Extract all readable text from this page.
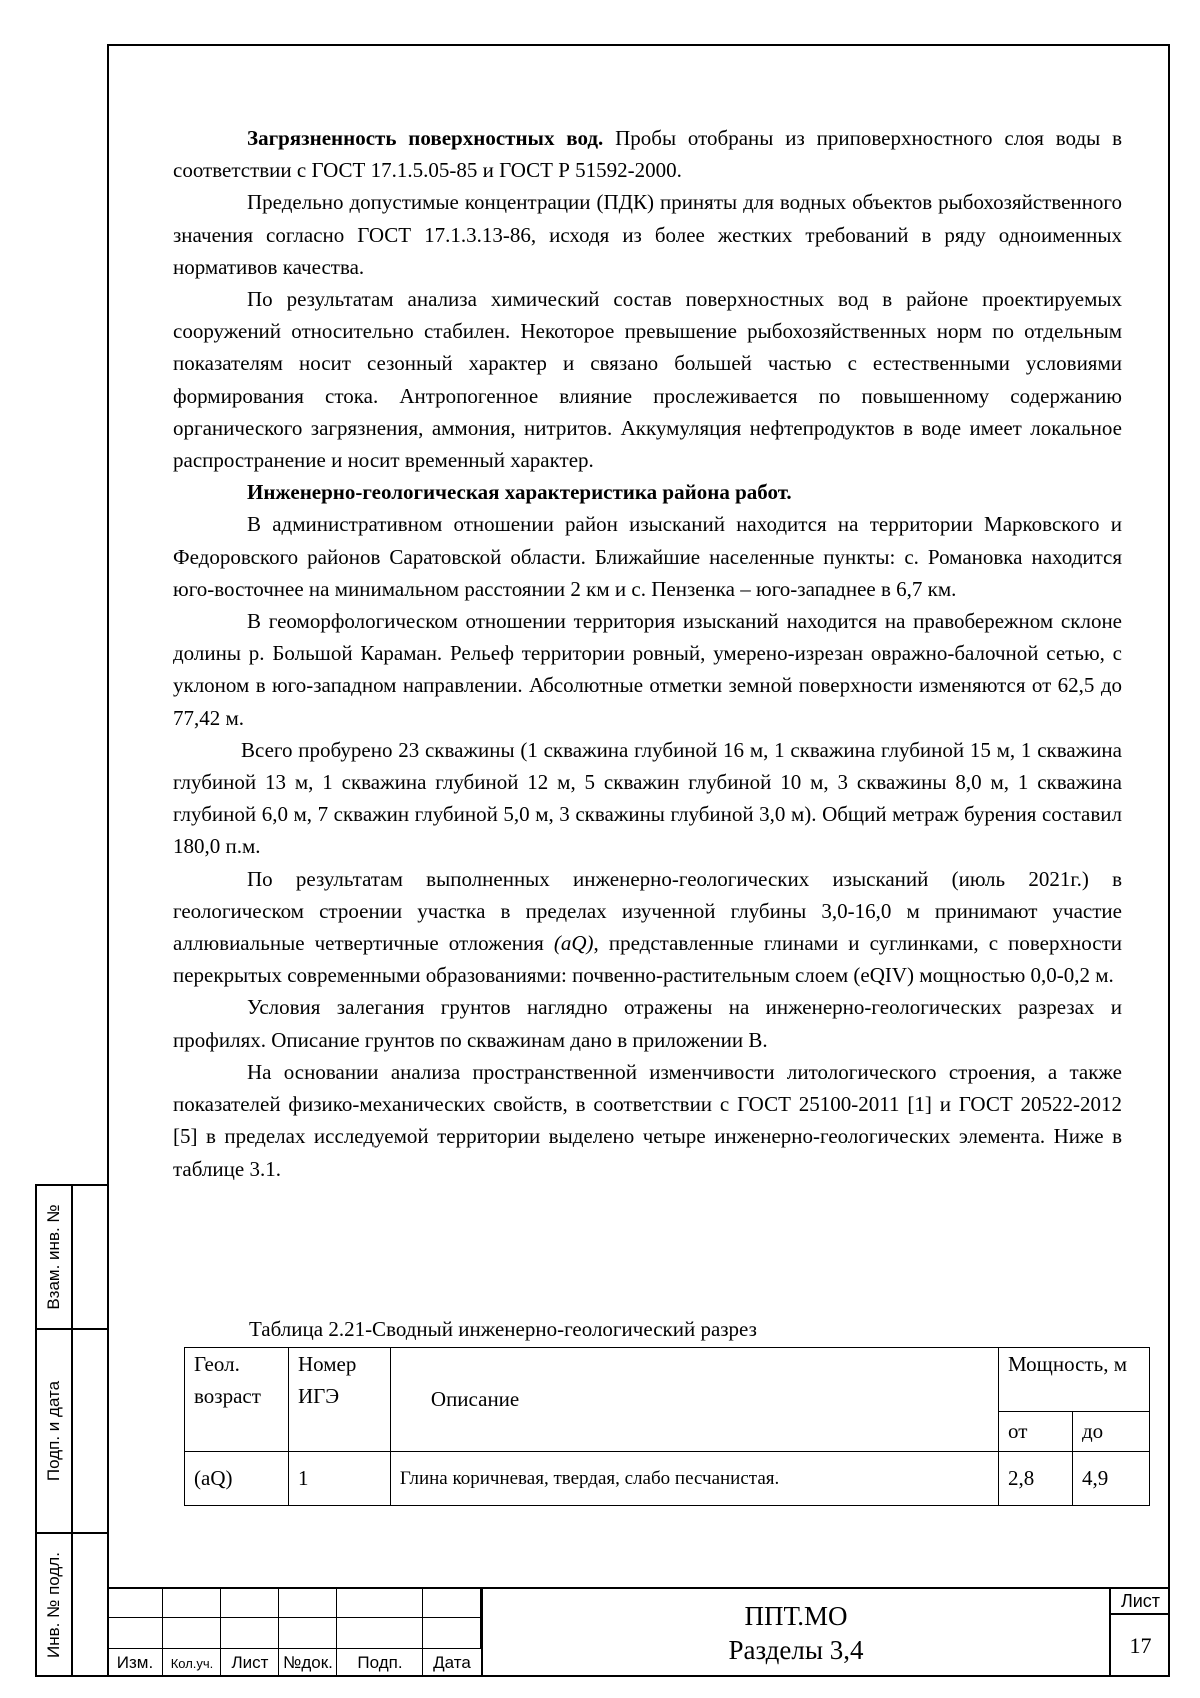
Загрязненность поверхностных вод. Пробы отобраны из приповерхностного слоя воды в соответствии с ГОСТ 17.1.5.05-85 и ГОСТ Р 51592-2000.

Предельно допустимые концентрации (ПДК) приняты для водных объектов рыбохозяйственного значения согласно ГОСТ 17.1.3.13-86, исходя из более жестких требований в ряду одноименных нормативов качества.

По результатам анализа химический состав поверхностных вод в районе проектируемых сооружений относительно стабилен. Некоторое превышение рыбохозяйственных норм по отдельным показателям носит сезонный характер и связано большей частью с естественными условиями формирования стока. Антропогенное влияние прослеживается по повышенному содержанию органического загрязнения, аммония, нитритов. Аккумуляция нефтепродуктов в воде имеет локальное распространение и носит временный характер.

Инженерно-геологическая характеристика района работ.

В административном отношении район изысканий находится на территории Марковского и Федоровского районов Саратовской области. Ближайшие населенные пункты: с. Романовка находится юго-восточнее на минимальном расстоянии 2 км и с. Пензенка – юго-западнее в 6,7 км.

В геоморфологическом отношении территория изысканий находится на правобережном склоне долины р. Большой Караман. Рельеф территории ровный, умерено-изрезан овражно-балочной сетью, с уклоном в юго-западном направлении. Абсолютные отметки земной поверхности изменяются от 62,5 до 77,42 м.

Всего пробурено 23 скважины (1 скважина глубиной 16 м, 1 скважина глубиной 15 м, 1 скважина глубиной 13 м, 1 скважина глубиной 12 м, 5 скважин глубиной 10 м, 3 скважины 8,0 м, 1 скважина глубиной 6,0 м, 7 скважин глубиной 5,0 м, 3 скважины глубиной 3,0 м). Общий метраж бурения составил 180,0 п.м.

По результатам выполненных инженерно-геологических изысканий (июль 2021г.) в геологическом строении участка в пределах изученной глубины 3,0-16,0 м принимают участие аллювиальные четвертичные отложения (aQ), представленные глинами и суглинками, с поверхности перекрытых современными образованиями: почвенно-растительным слоем (eQIV) мощностью 0,0-0,2 м.

Условия залегания грунтов наглядно отражены на инженерно-геологических разрезах и профилях. Описание грунтов по скважинам дано в приложении В.

На основании анализа пространственной изменчивости литологического строения, а также показателей физико-механических свойств, в соответствии с ГОСТ 25100-2011 [1] и ГОСТ 20522-2012 [5] в пределах исследуемой территории выделено четыре инженерно-геологических элемента. Ниже в таблице 3.1.

Таблица 2.21-Сводный инженерно-геологический разрез
Геол. возраст	Номер ИГЭ	Описание	Мощность, м	
			от	до
(aQ)	1	Глина коричневая, твердая, слабо песчанистая.	2,8	4,9
Взам. инв. №
Подп. и дата
Инв. № подл.
Изм.	Кол.уч.	Лист №док.	Подп.	Дата
ППТ.МО
Разделы 3,4
Лист
17
